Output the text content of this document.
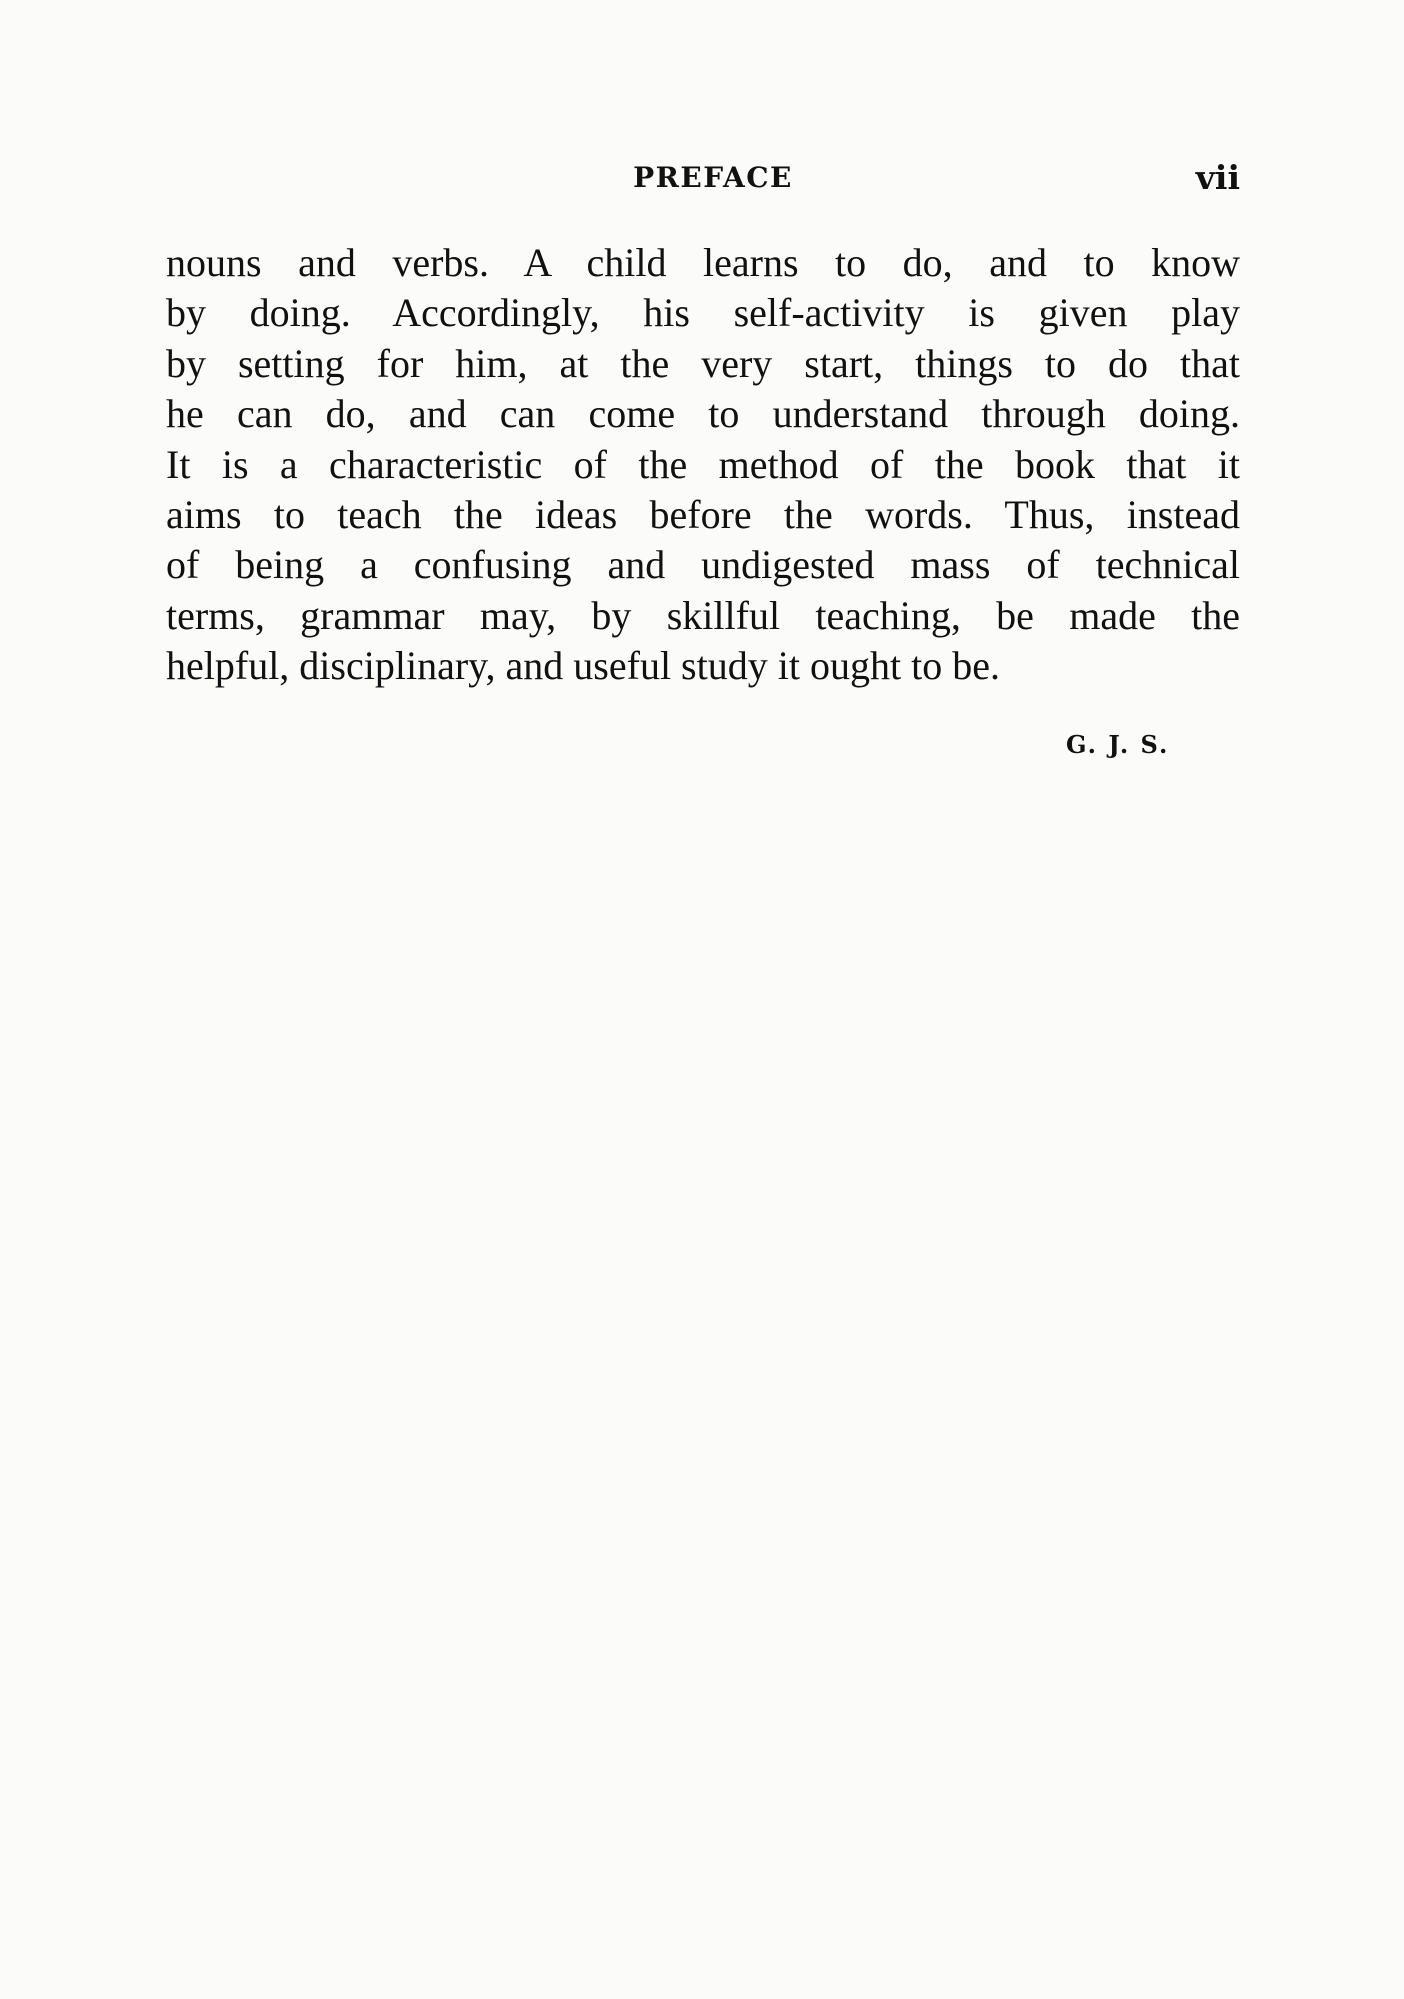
PREFACE	vii
nouns and verbs. A child learns to do, and to know
by doing. Accordingly, his self-activity is given play
by setting for him, at the very start, things to do that
he can do, and can come to understand through doing.
It is a characteristic of the method of the book that it
aims to teach the ideas before the words. Thus, instead
of being a confusing and undigested mass of technical
terms, grammar may, by skillful teaching, be made the
helpful, disciplinary, and useful study it ought to be.
G. J. S.
